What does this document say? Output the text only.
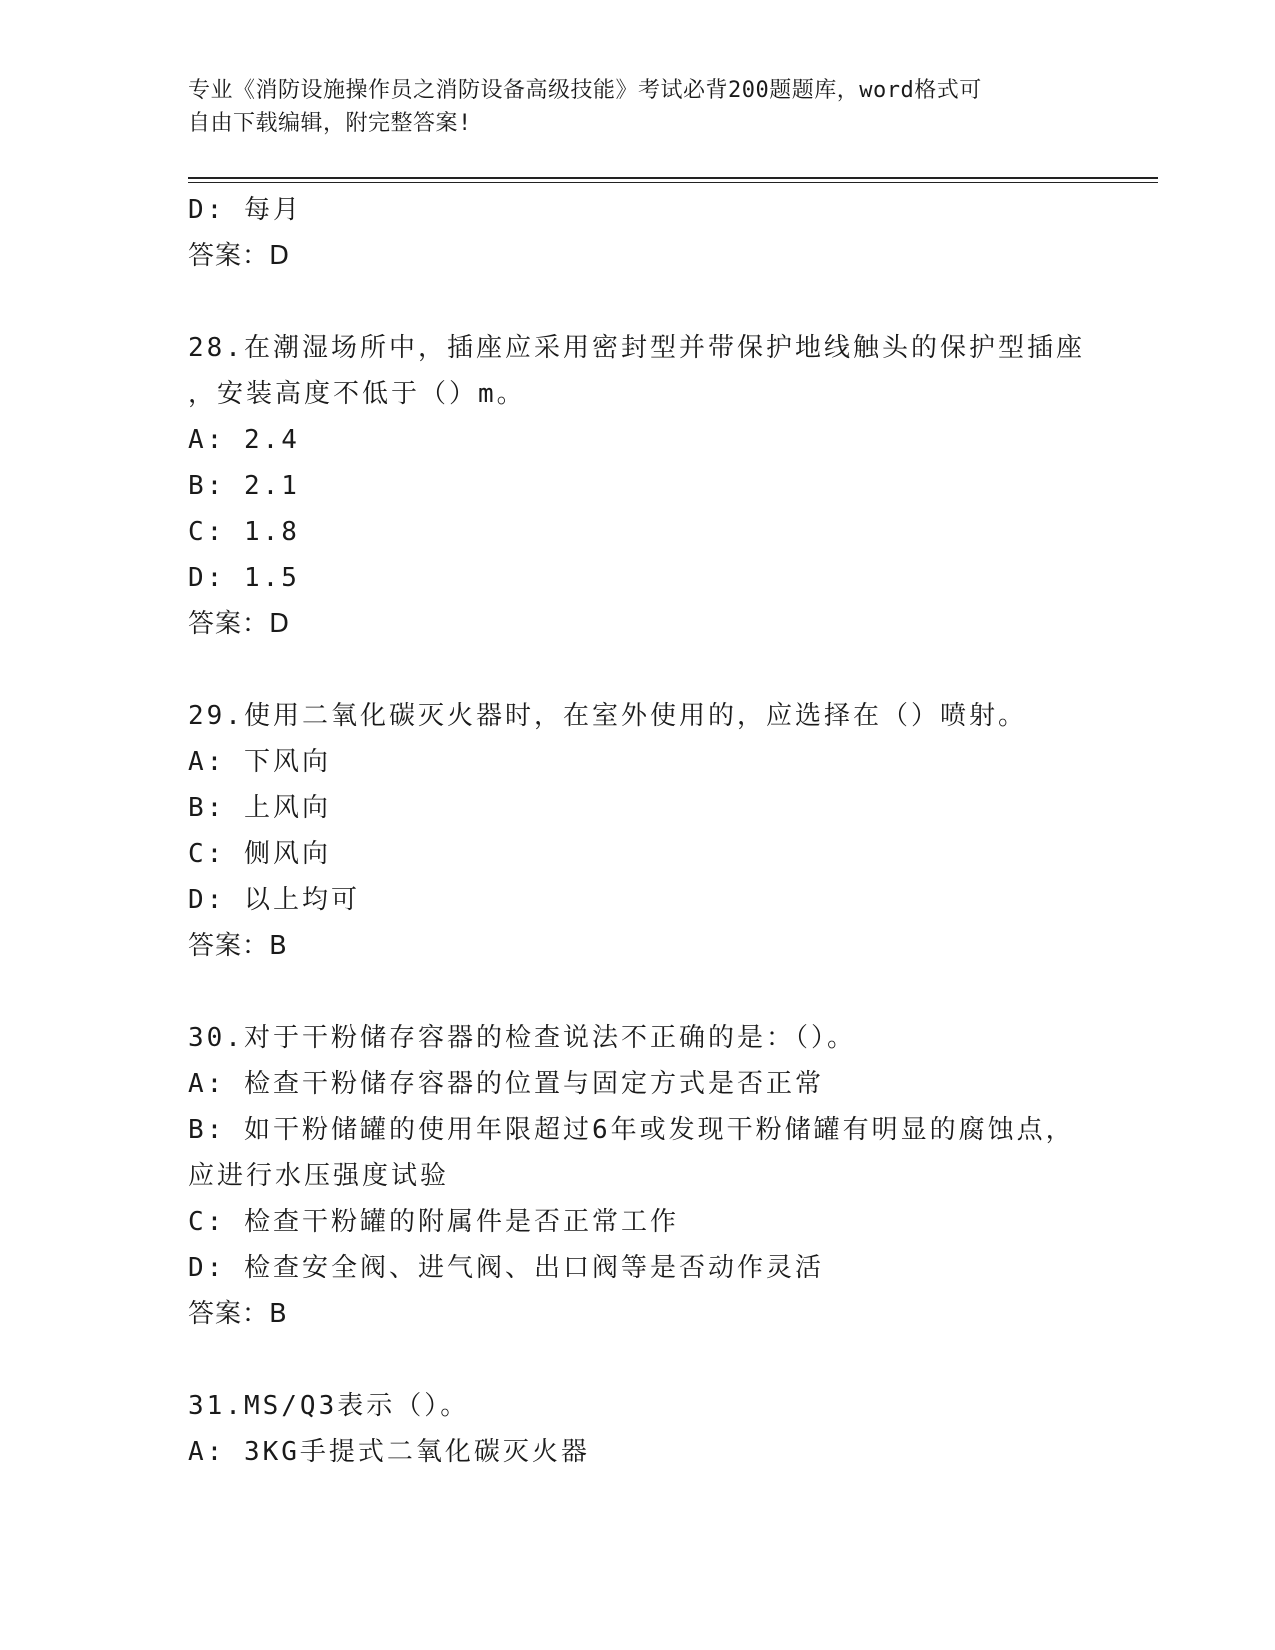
专业《消防设施操作员之消防设备高级技能》考试必背200题题库，word格式可
自由下载编辑，附完整答案!
D: 每月
答案：D
28.在潮湿场所中，插座应采用密封型并带保护地线触头的保护型插座
，安装高度不低于（）m。
A: 2.4
B: 2.1
C: 1.8
D: 1.5
答案：D
29.使用二氧化碳灭火器时，在室外使用的，应选择在（）喷射。
A: 下风向
B: 上风向
C: 侧风向
D: 以上均可
答案：B
30.对于干粉储存容器的检查说法不正确的是：（）。
A: 检查干粉储存容器的位置与固定方式是否正常
B: 如干粉储罐的使用年限超过6年或发现干粉储罐有明显的腐蚀点，
应进行水压强度试验
C: 检查干粉罐的附属件是否正常工作
D: 检查安全阀、进气阀、出口阀等是否动作灵活
答案：B
31.MS/Q3表示（）。
A: 3KG手提式二氧化碳灭火器
